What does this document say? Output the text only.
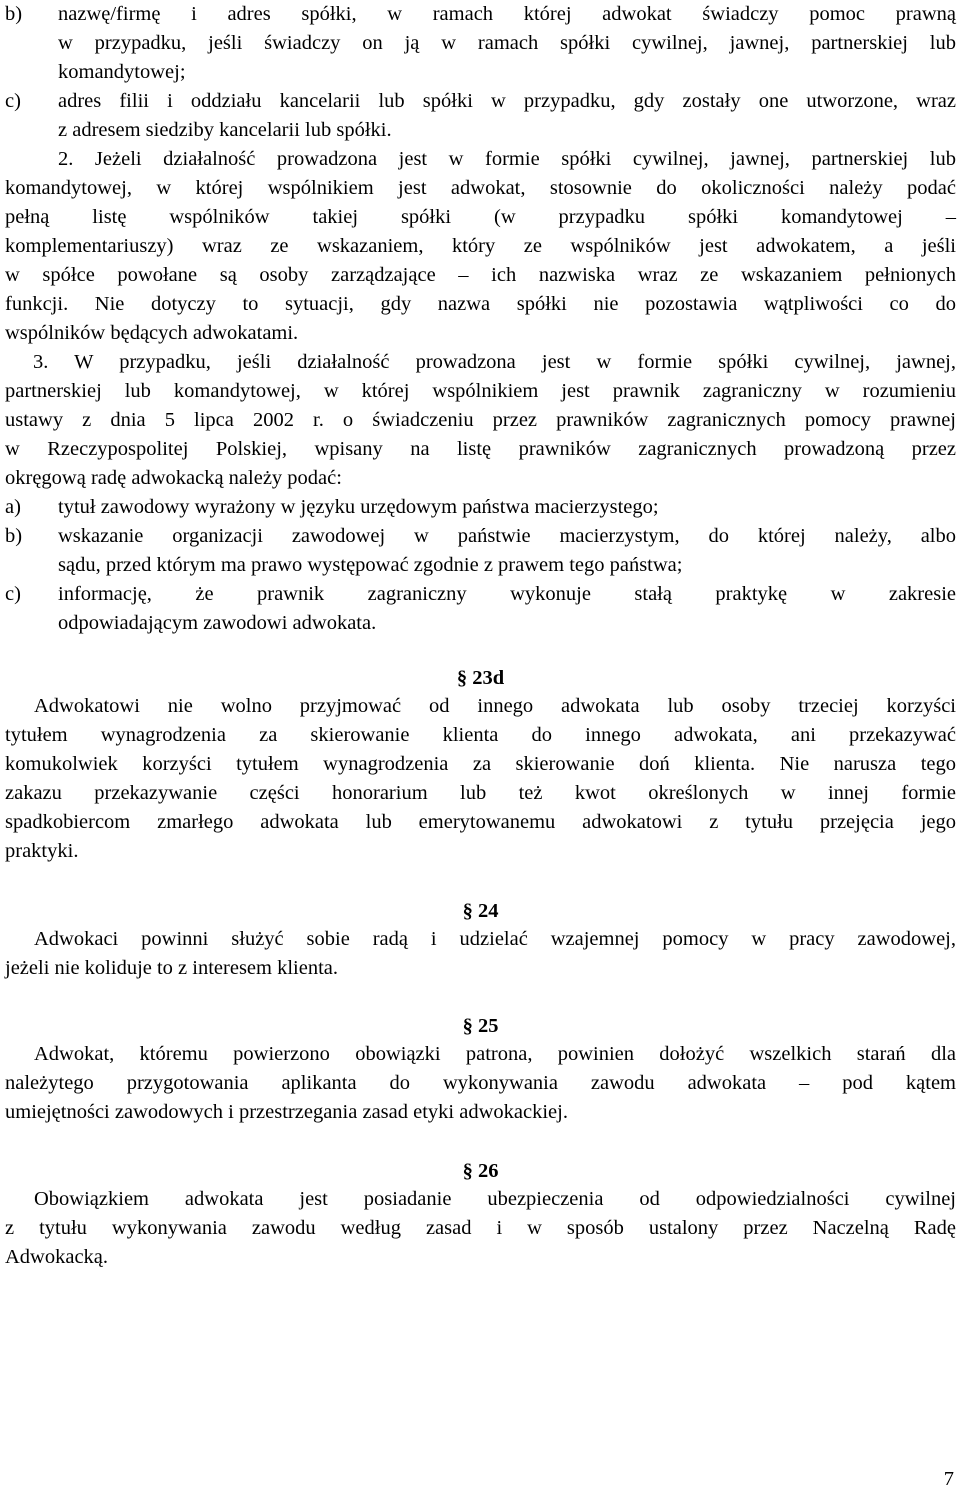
b) nazwę/firmę i adres spółki, w ramach której adwokat świadczy pomoc prawną
w przypadku, jeśli świadczy on ją w ramach spółki cywilnej, jawnej, partnerskiej lub
komandytowej;
c) adres filii i oddziału kancelarii lub spółki w przypadku, gdy zostały one utworzone, wraz
z adresem siedziby kancelarii lub spółki.
2. Jeżeli działalność prowadzona jest w formie spółki cywilnej, jawnej, partnerskiej lub
komandytowej, w której wspólnikiem jest adwokat, stosownie do okoliczności należy podać
pełną listę wspólników takiej spółki (w przypadku spółki komandytowej –
komplementariuszy) wraz ze wskazaniem, który ze wspólników jest adwokatem, a jeśli
w spółce powołane są osoby zarządzające – ich nazwiska wraz ze wskazaniem pełnionych
funkcji. Nie dotyczy to sytuacji, gdy nazwa spółki nie pozostawia wątpliwości co do
wspólników będących adwokatami.
3. W przypadku, jeśli działalność prowadzona jest w formie spółki cywilnej, jawnej,
partnerskiej lub komandytowej, w której wspólnikiem jest prawnik zagraniczny w rozumieniu
ustawy z dnia 5 lipca 2002 r. o świadczeniu przez prawników zagranicznych pomocy prawnej
w Rzeczypospolitej Polskiej, wpisany na listę prawników zagranicznych prowadzoną przez
okręgową radę adwokacką należy podać:
a) tytuł zawodowy wyrażony w języku urzędowym państwa macierzystego;
b) wskazanie organizacji zawodowej w państwie macierzystym, do której należy, albo
sądu, przed którym ma prawo występować zgodnie z prawem tego państwa;
c) informację, że prawnik zagraniczny wykonuje stałą praktykę w zakresie
odpowiadającym zawodowi adwokata.
§ 23d
Adwokatowi nie wolno przyjmować od innego adwokata lub osoby trzeciej korzyści
tytułem wynagrodzenia za skierowanie klienta do innego adwokata, ani przekazywać
komukolwiek korzyści tytułem wynagrodzenia za skierowanie doń klienta. Nie narusza tego
zakazu przekazywanie części honorarium lub też kwot określonych w innej formie
spadkobiercom zmarłego adwokata lub emerytowanemu adwokatowi z tytułu przejęcia jego
praktyki.
§ 24
Adwokaci powinni służyć sobie radą i udzielać wzajemnej pomocy w pracy zawodowej,
jeżeli nie koliduje to z interesem klienta.
§ 25
Adwokat, któremu powierzono obowiązki patrona, powinien dołożyć wszelkich starań dla
należytego przygotowania aplikanta do wykonywania zawodu adwokata – pod kątem
umiejętności zawodowych i przestrzegania zasad etyki adwokackiej.
§ 26
Obowiązkiem adwokata jest posiadanie ubezpieczenia od odpowiedzialności cywilnej
z tytułu wykonywania zawodu według zasad i w sposób ustalony przez Naczelną Radę
Adwokacką.
7
